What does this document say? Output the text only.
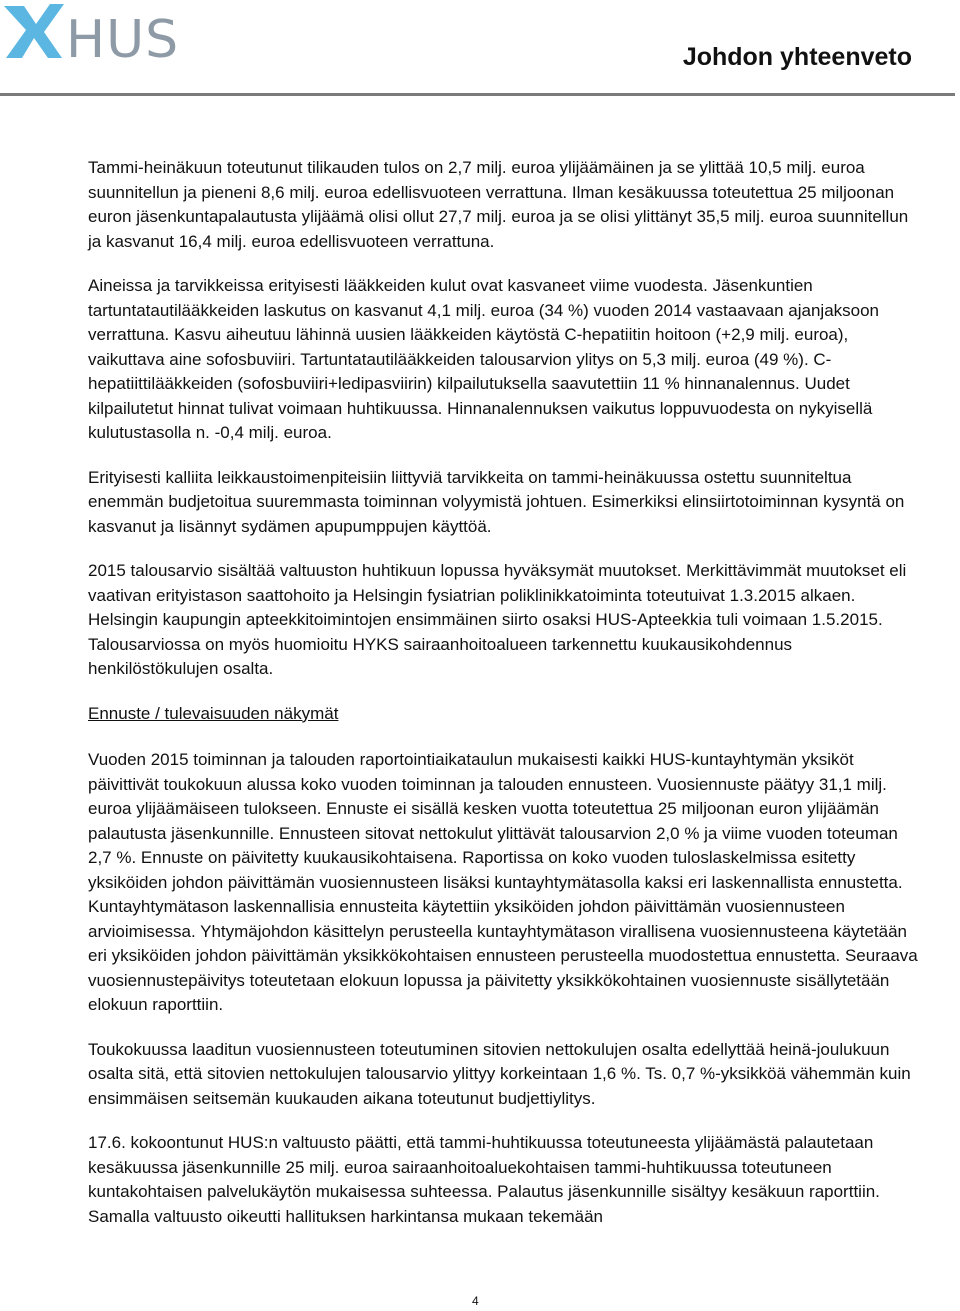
HUS	Johdon yhteenveto

Tammi-heinäkuun toteutunut tilikauden tulos on 2,7 milj. euroa ylijäämäinen ja se ylittää 10,5 milj. euroa suunnitellun ja pieneni 8,6 milj. euroa edellisvuoteen verrattuna. Ilman kesäkuussa toteutettua 25 miljoonan euron jäsenkuntapalautusta ylijäämä olisi ollut 27,7 milj. euroa ja se olisi ylittänyt 35,5 milj. euroa suunnitellun ja kasvanut 16,4 milj. euroa edellisvuoteen verrattuna.

Aineissa ja tarvikkeissa erityisesti lääkkeiden kulut ovat kasvaneet viime vuodesta. Jäsenkuntien tartuntatautilääkkeiden laskutus on kasvanut 4,1 milj. euroa (34 %) vuoden 2014 vastaavaan ajanjaksoon verrattuna. Kasvu aiheutuu lähinnä uusien lääkkeiden käytöstä C-hepatiitin hoitoon (+2,9 milj. euroa), vaikuttava aine sofosbuviiri. Tartuntatautilääkkeiden talousarvion ylitys on 5,3 milj. euroa (49 %). C- hepatiittilääkkeiden (sofosbuviiri+ledipasviirin) kilpailutuksella saavutettiin 11 % hinnanalennus. Uudet kilpailutetut hinnat tulivat voimaan huhtikuussa. Hinnanalennuksen vaikutus loppuvuodesta on nykyisellä kulutustasolla n. -0,4 milj. euroa.

Erityisesti kalliita leikkaustoimenpiteisiin liittyviä tarvikkeita on tammi-heinäkuussa ostettu suunniteltua enemmän budjetoitua suuremmasta toiminnan volyymistä johtuen. Esimerkiksi elinsiirtotoiminnan kysyntä on kasvanut ja lisännyt sydämen apupumppujen käyttöä.

2015 talousarvio sisältää valtuuston huhtikuun lopussa hyväksymät muutokset. Merkittävimmät muutokset eli vaativan erityistason saattohoito ja Helsingin fysiatrian poliklinikkatoiminta toteutuivat 1.3.2015 alkaen. Helsingin kaupungin apteekkitoimintojen ensimmäinen siirto osaksi HUS-Apteekkia tuli voimaan 1.5.2015. Talousarviossa on myös huomioitu HYKS sairaanhoitoalueen tarkennettu kuukausikohdennus henkilöstökulujen osalta.

Ennuste / tulevaisuuden näkymät

Vuoden 2015 toiminnan ja talouden raportointiaikataulun mukaisesti kaikki HUS-kuntayhtymän yksiköt päivittivät toukokuun alussa koko vuoden toiminnan ja talouden ennusteen. Vuosiennuste päätyy 31,1 milj. euroa ylijäämäiseen tulokseen. Ennuste ei sisällä kesken vuotta toteutettua 25 miljoonan euron ylijäämän palautusta jäsenkunnille. Ennusteen sitovat nettokulut ylittävät talousarvion 2,0 % ja viime vuoden toteuman 2,7 %. Ennuste on päivitetty kuukausikohtaisena. Raportissa on koko vuoden tuloslaskelmissa esitetty yksiköiden johdon päivittämän vuosiennusteen lisäksi kuntayhtymätasolla kaksi eri laskennallista ennustetta. Kuntayhtymätason laskennallisia ennusteita käytettiin yksiköiden johdon päivittämän vuosiennusteen arvioimisessa. Yhtymäjohdon käsittelyn perusteella kuntayhtymätason virallisena vuosiennusteena käytetään eri yksiköiden johdon päivittämän yksikkökohtaisen ennusteen perusteella muodostettua ennustetta. Seuraava vuosiennustepäivitys toteutetaan elokuun lopussa ja päivitetty yksikkökohtainen vuosiennuste sisällytetään elokuun raporttiin.

Toukokuussa laaditun vuosiennusteen toteutuminen sitovien nettokulujen osalta edellyttää heinä-joulukuun osalta sitä, että sitovien nettokulujen talousarvio ylittyy korkeintaan 1,6 %. Ts. 0,7 %-yksikköä vähemmän kuin ensimmäisen seitsemän kuukauden aikana toteutunut budjettiylitys.

17.6. kokoontunut HUS:n valtuusto päätti, että tammi-huhtikuussa toteutuneesta ylijäämästä palautetaan kesäkuussa jäsenkunnille 25 milj. euroa sairaanhoitoaluekohtaisen tammi-huhtikuussa toteutuneen kuntakohtaisen palvelukäytön mukaisessa suhteessa. Palautus jäsenkunnille sisältyy kesäkuun raporttiin. Samalla valtuusto oikeutti hallituksen harkintansa mukaan tekemään

4
